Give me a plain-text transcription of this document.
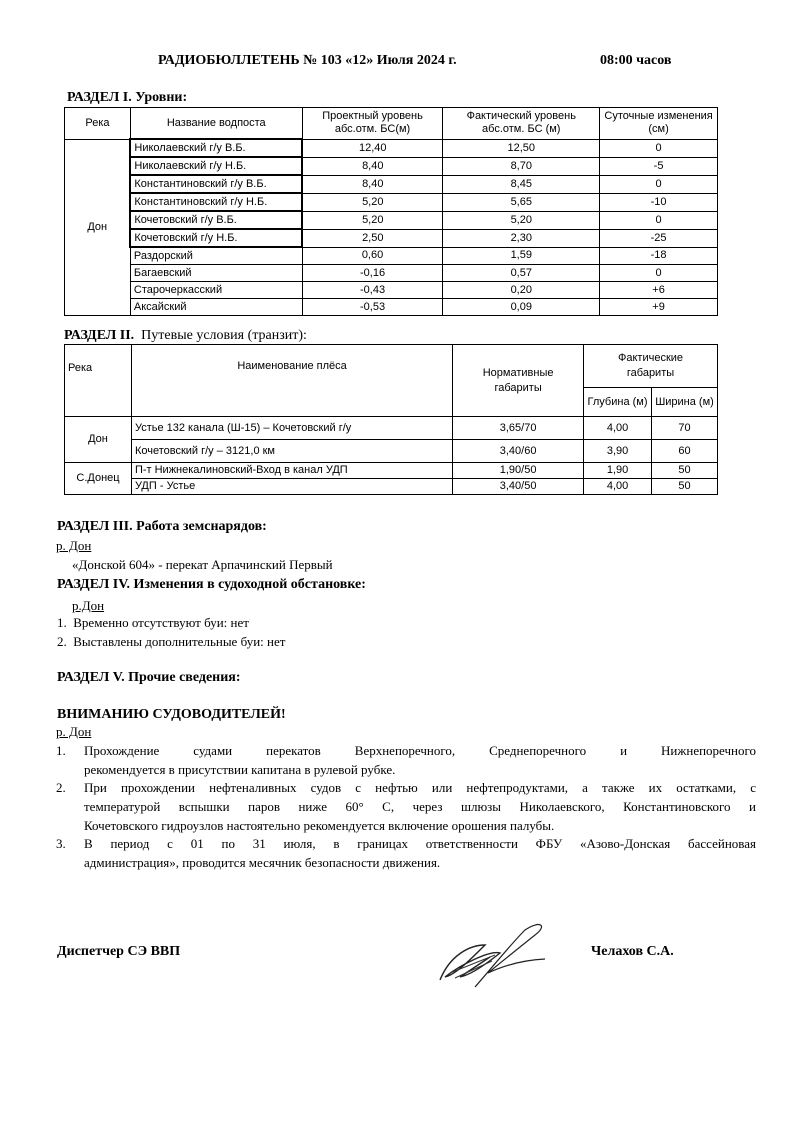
РАДИОБЮЛЛЕТЕНЬ № 103 «12» Июля 2024 г.	08:00 часов
РАЗДЕЛ I. Уровни:
Река	Название водпоста	Проектный уровень абс.отм. БС(м)	Фактический уровень абс.отм. БС (м)	Суточные изменения (см)
Дон	Николаевский г/у В.Б.	12,40	12,50	0
	Николаевский г/у Н.Б.	8,40	8,70	-5
	Константиновский г/у В.Б.	8,40	8,45	0
	Константиновский г/у Н.Б.	5,20	5,65	-10
	Кочетовский г/у В.Б.	5,20	5,20	0
	Кочетовский г/у Н.Б.	2,50	2,30	-25
	Раздорский	0,60	1,59	-18
	Багаевский	-0,16	0,57	0
	Старочеркасский	-0,43	0,20	+6
	Аксайский	-0,53	0,09	+9
РАЗДЕЛ II. Путевые условия (транзит):
Река	Наименование плёса	Нормативные габариты	Фактические габариты	
			Глубина (м)	Ширина (м)
Дон	Устье 132 канала (Ш-15) – Кочетовский г/у	3,65/70	4,00	70
	Кочетовский г/у – 3121,0 км	3,40/60	3,90	60
С.Донец	П-т Нижнекалиновский-Вход в канал УДП	1,90/50	1,90	50
	УДП - Устье	3,40/50	4,00	50
РАЗДЕЛ III. Работа земснарядов:
р. Дон
«Донской 604» - перекат Арпачинский Первый
РАЗДЕЛ IV. Изменения в судоходной обстановке:
р.Дон
1. Временно отсутствуют буи: нет
2. Выставлены дополнительные буи: нет
РАЗДЕЛ V. Прочие сведения:
ВНИМАНИЮ СУДОВОДИТЕЛЕЙ!
р. Дон
1. Прохождение судами перекатов Верхнепоречного, Среднепоречного и Нижнепоречного
рекомендуется в присутствии капитана в рулевой рубке.
2. При прохождении нефтеналивных судов с нефтью или нефтепродуктами, а также их остатками, с
температурой вспышки паров ниже 60° С, через шлюзы Николаевского, Константиновского и
Кочетовского гидроузлов настоятельно рекомендуется включение орошения палубы.
3. В период с 01 по 31 июля, в границах ответственности ФБУ «Азово-Донская бассейновая
администрация», проводится месячник безопасности движения.
Диспетчер СЭ ВВП	Челахов С.А.
